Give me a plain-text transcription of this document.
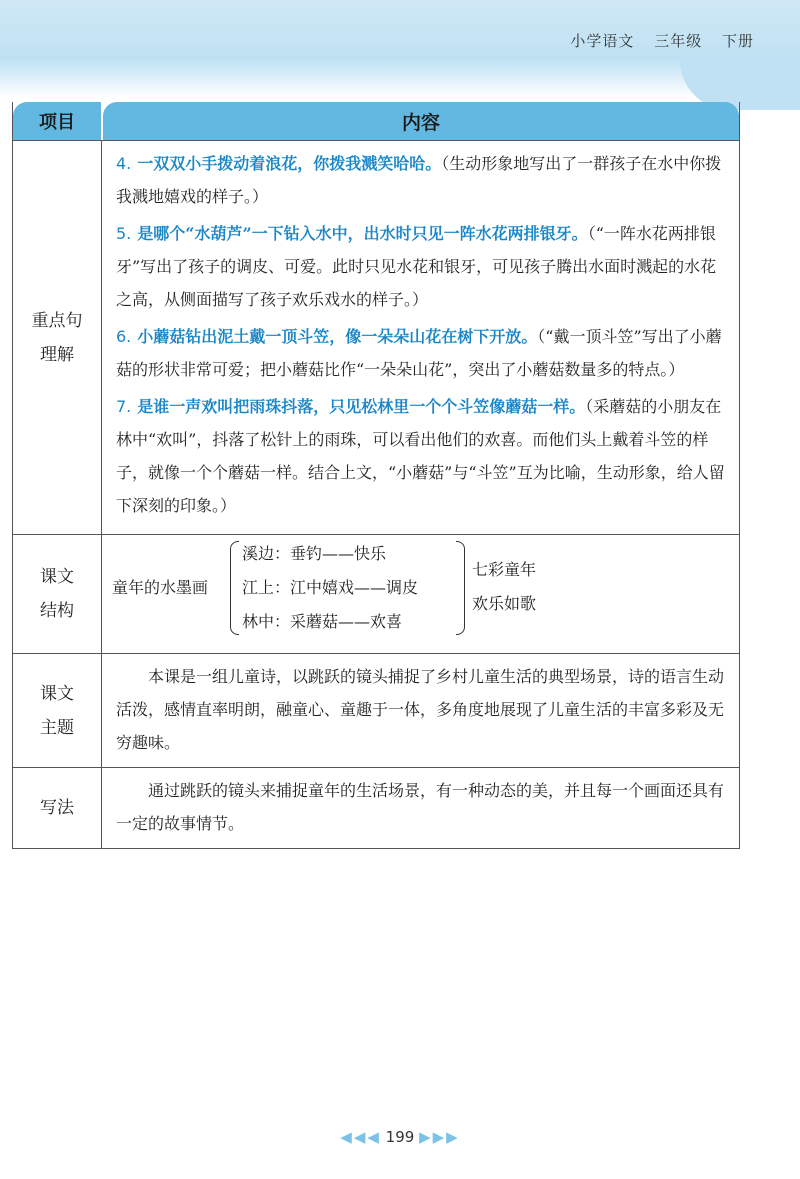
小学语文 三年级 下册
项目	内容
重点句理解
4. 一双双小手拨动着浪花，你拨我溅笑哈哈。（生动形象地写出了一群孩子在水中你拨我溅地嬉戏的样子。）
5. 是哪个“水葫芦”一下钻入水中，出水时只见一阵水花两排银牙。（“一阵水花两排银牙”写出了孩子的调皮、可爱。此时只见水花和银牙，可见孩子腾出水面时溅起的水花之高，从侧面描写了孩子欢乐戏水的样子。）
6. 小蘑菇钻出泥土戴一顶斗笠，像一朵朵山花在树下开放。（“戴一顶斗笠”写出了小蘑菇的形状非常可爱；把小蘑菇比作“一朵朵山花”，突出了小蘑菇数量多的特点。）
7. 是谁一声欢叫把雨珠抖落，只见松林里一个个斗笠像蘑菇一样。（采蘑菇的小朋友在林中“欢叫”，抖落了松针上的雨珠，可以看出他们的欢喜。而他们头上戴着斗笠的样子，就像一个个蘑菇一样。结合上文，“小蘑菇”与“斗笠”互为比喻，生动形象，给人留下深刻的印象。）
课文结构
童年的水墨画
溪边：垂钓——快乐
江上：江中嬉戏——调皮
林中：采蘑菇——欢喜
七彩童年
欢乐如歌
课文主题

本课是一组儿童诗，以跳跃的镜头捕捉了乡村儿童生活的典型场景，诗的语言生动活泼，感情直率明朗，融童心、童趣于一体，多角度地展现了儿童生活的丰富多彩及无穷趣味。

写法

通过跳跃的镜头来捕捉童年的生活场景，有一种动态的美，并且每一个画面还具有一定的故事情节。

◀◀◀ 199 ▶▶▶
